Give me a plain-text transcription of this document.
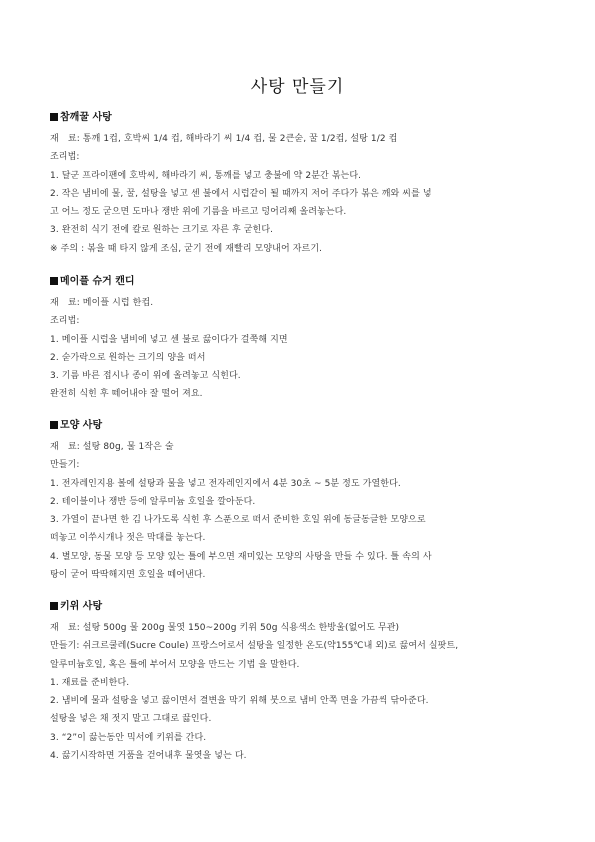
사탕 만들기
참깨꿀 사탕
재　료: 통깨 1컵, 호박씨 1/4 컵, 해바라기 씨 1/4 컵, 물 2큰숟, 꿀 1/2컵, 설탕 1/2 컵
조리법:
1. 달군 프라이팬에 호박씨, 해바라기 씨, 통깨를 넣고 충불에 약 2분간 볶는다.
2. 작은 냄비에 물, 꿀, 설탕을 넣고 센 불에서 시럽같이 될 때까지 저어 주다가 볶은 깨와 씨를 넣
고 어느 정도 굳으면 도마나 쟁반 위에 기름을 바르고 덩어리째 올려놓는다.
3. 완전히 식기 전에 칼로 원하는 크기로 자른 후 굳힌다.
※ 주의 : 볶을 때 타지 않게 조심, 굳기 전에 재빨리 모양내어 자르기.
메이플 슈거 캔디
재　료: 메이플 시럽 한컵.
조리법:
1. 메이플 시럽을 냄비에 넣고 센 불로 끓이다가 걸쭉해 지면
2. 숟가락으로 원하는 크기의 양을 떠서
3. 기름 바른 접시나 종이 위에 올려놓고 식힌다.
완전히 식힌 후 떼어내야 잘 떨어 져요.
모양 사탕
재　료: 설탕 80g, 물 1작은 술
만들기:
1. 전자레인지용 볼에 설탕과 물을 넣고 전자레인지에서 4분 30초 ~ 5분 정도 가열한다.
2. 테이블이나 쟁반 등에 알루미늄 호일을 깔아둔다.
3. 가열이 끝나면 한 김 나가도록 식힌 후 스푼으로 떠서 준비한 호일 위에 동글동글한 모양으로
떠놓고 이쑤시개나 젓은 막대를 놓는다.
4. 별모양, 동물 모양 등 모양 있는 틀에 부으면 재미있는 모양의 사탕을 만들 수 있다. 틀 속의 사
탕이 굳어 딱딱해지면 호일을 떼어낸다.
키위 사탕
재　료: 설탕 500g 물 200g 물엿 150~200g 키위 50g 식용색소 한방울(없어도 무관)
만들기: 쉬크르쿨레(Sucre Coule) 프랑스어로서 설탕을 일정한 온도(약155℃내 외)로 끓여서 실팟트,
알루미늄호일, 혹은 틀에 부어서 모양을 만드는 기법 을 말한다.
1. 재료를 준비한다.
2. 냄비에 물과 설탕을 넣고 끓이면서 결변을 막기 위해 붓으로 냄비 안쪽 면을 가끔씩 닦아준다.
설탕을 넣은 채 젓지 말고 그대로 끓인다.
3. “2”이 끓는동안 믹서에 키위를 간다.
4. 끓기시작하면 거품을 걷어내후 물엿을 넣는 다.
